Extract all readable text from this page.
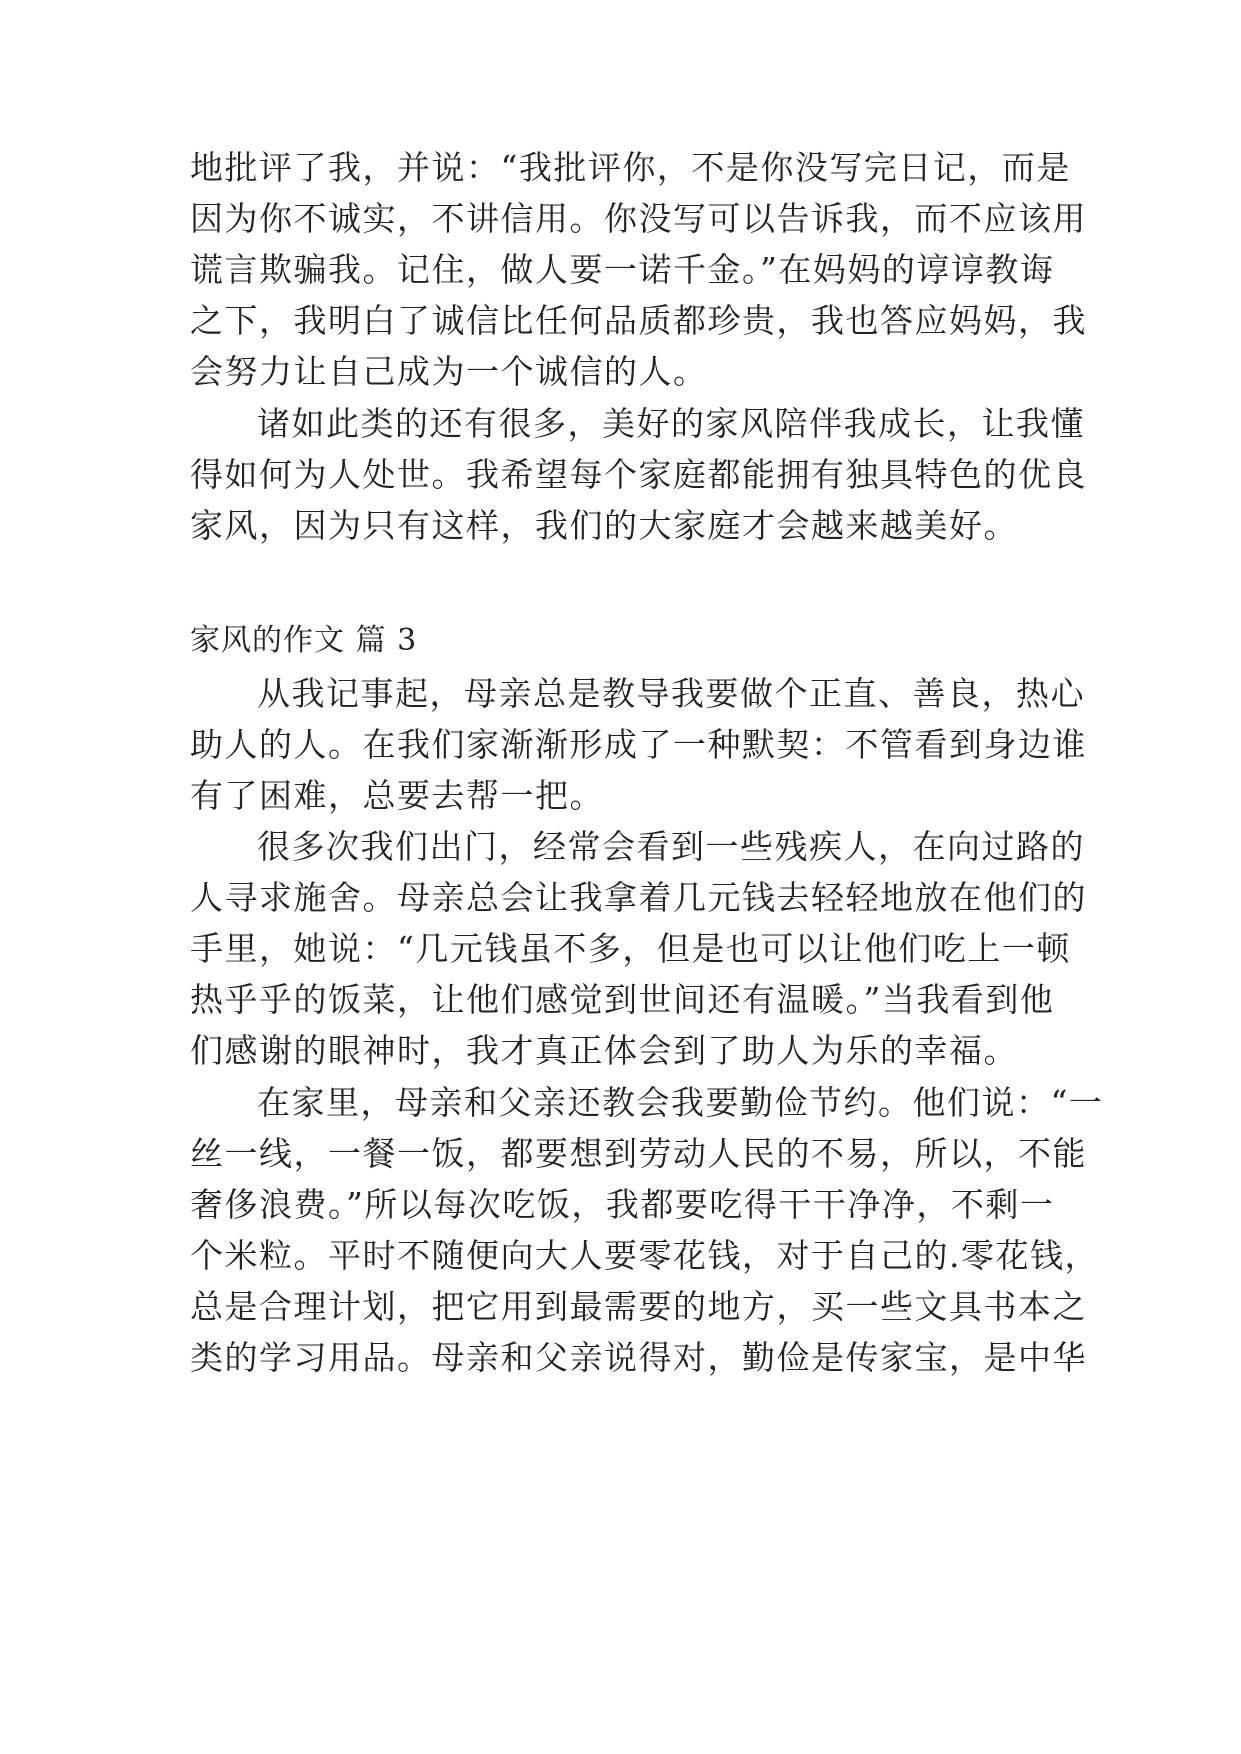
地批评了我，并说：“我批评你，不是你没写完日记，而是
因为你不诚实，不讲信用。你没写可以告诉我，而不应该用
谎言欺骗我。记住，做人要一诺千金。”在妈妈的谆谆教诲
之下，我明白了诚信比任何品质都珍贵，我也答应妈妈，我
会努力让自己成为一个诚信的人。
诸如此类的还有很多，美好的家风陪伴我成长，让我懂
得如何为人处世。我希望每个家庭都能拥有独具特色的优良
家风，因为只有这样，我们的大家庭才会越来越美好。
家风的作文 篇 3
从我记事起，母亲总是教导我要做个正直、善良，热心
助人的人。在我们家渐渐形成了一种默契：不管看到身边谁
有了困难，总要去帮一把。
很多次我们出门，经常会看到一些残疾人，在向过路的
人寻求施舍。母亲总会让我拿着几元钱去轻轻地放在他们的
手里，她说：“几元钱虽不多，但是也可以让他们吃上一顿
热乎乎的饭菜，让他们感觉到世间还有温暖。”当我看到他
们感谢的眼神时，我才真正体会到了助人为乐的幸福。
在家里，母亲和父亲还教会我要勤俭节约。他们说：“一
丝一线，一餐一饭，都要想到劳动人民的不易，所以，不能
奢侈浪费。”所以每次吃饭，我都要吃得干干净净，不剩一
个米粒。平时不随便向大人要零花钱，对于自己的.零花钱，
总是合理计划，把它用到最需要的地方，买一些文具书本之
类的学习用品。母亲和父亲说得对，勤俭是传家宝，是中华
